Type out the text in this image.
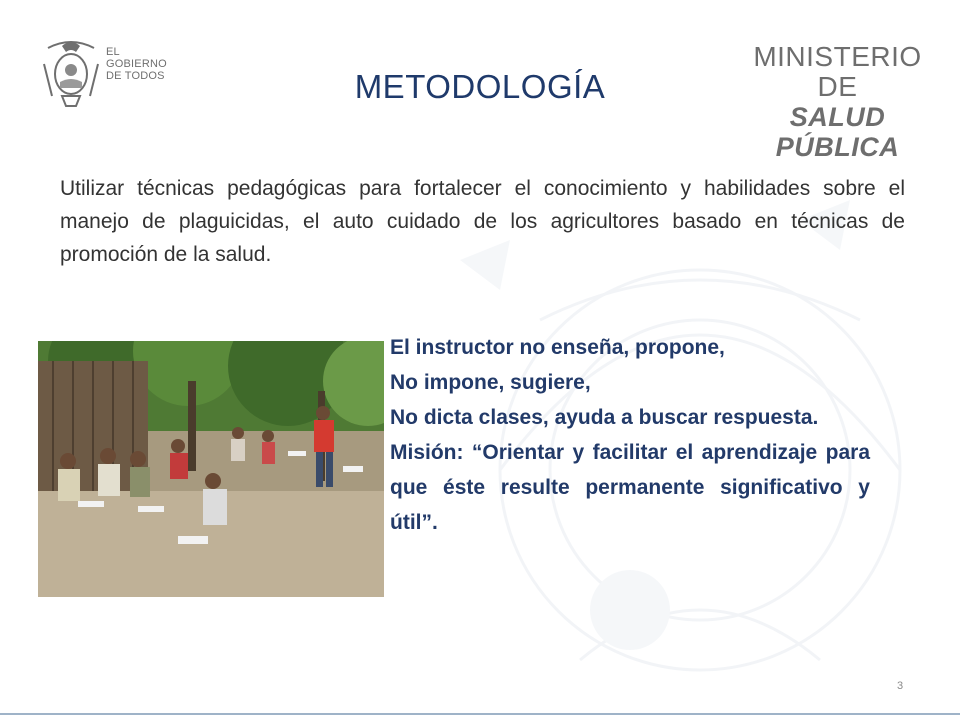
EL
GOBIERNO
DE TODOS
MINISTERIO DE
SALUD PÚBLICA
METODOLOGÍA
Utilizar técnicas pedagógicas para fortalecer el conocimiento y habilidades sobre el manejo de plaguicidas, el auto cuidado de los agricultores basado en técnicas de promoción de la salud.

El instructor no enseña, propone,

No impone, sugiere,

No dicta clases, ayuda a buscar respuesta.

Misión: “Orientar y facilitar el aprendizaje para que éste resulte permanente significativo y útil”.

3
